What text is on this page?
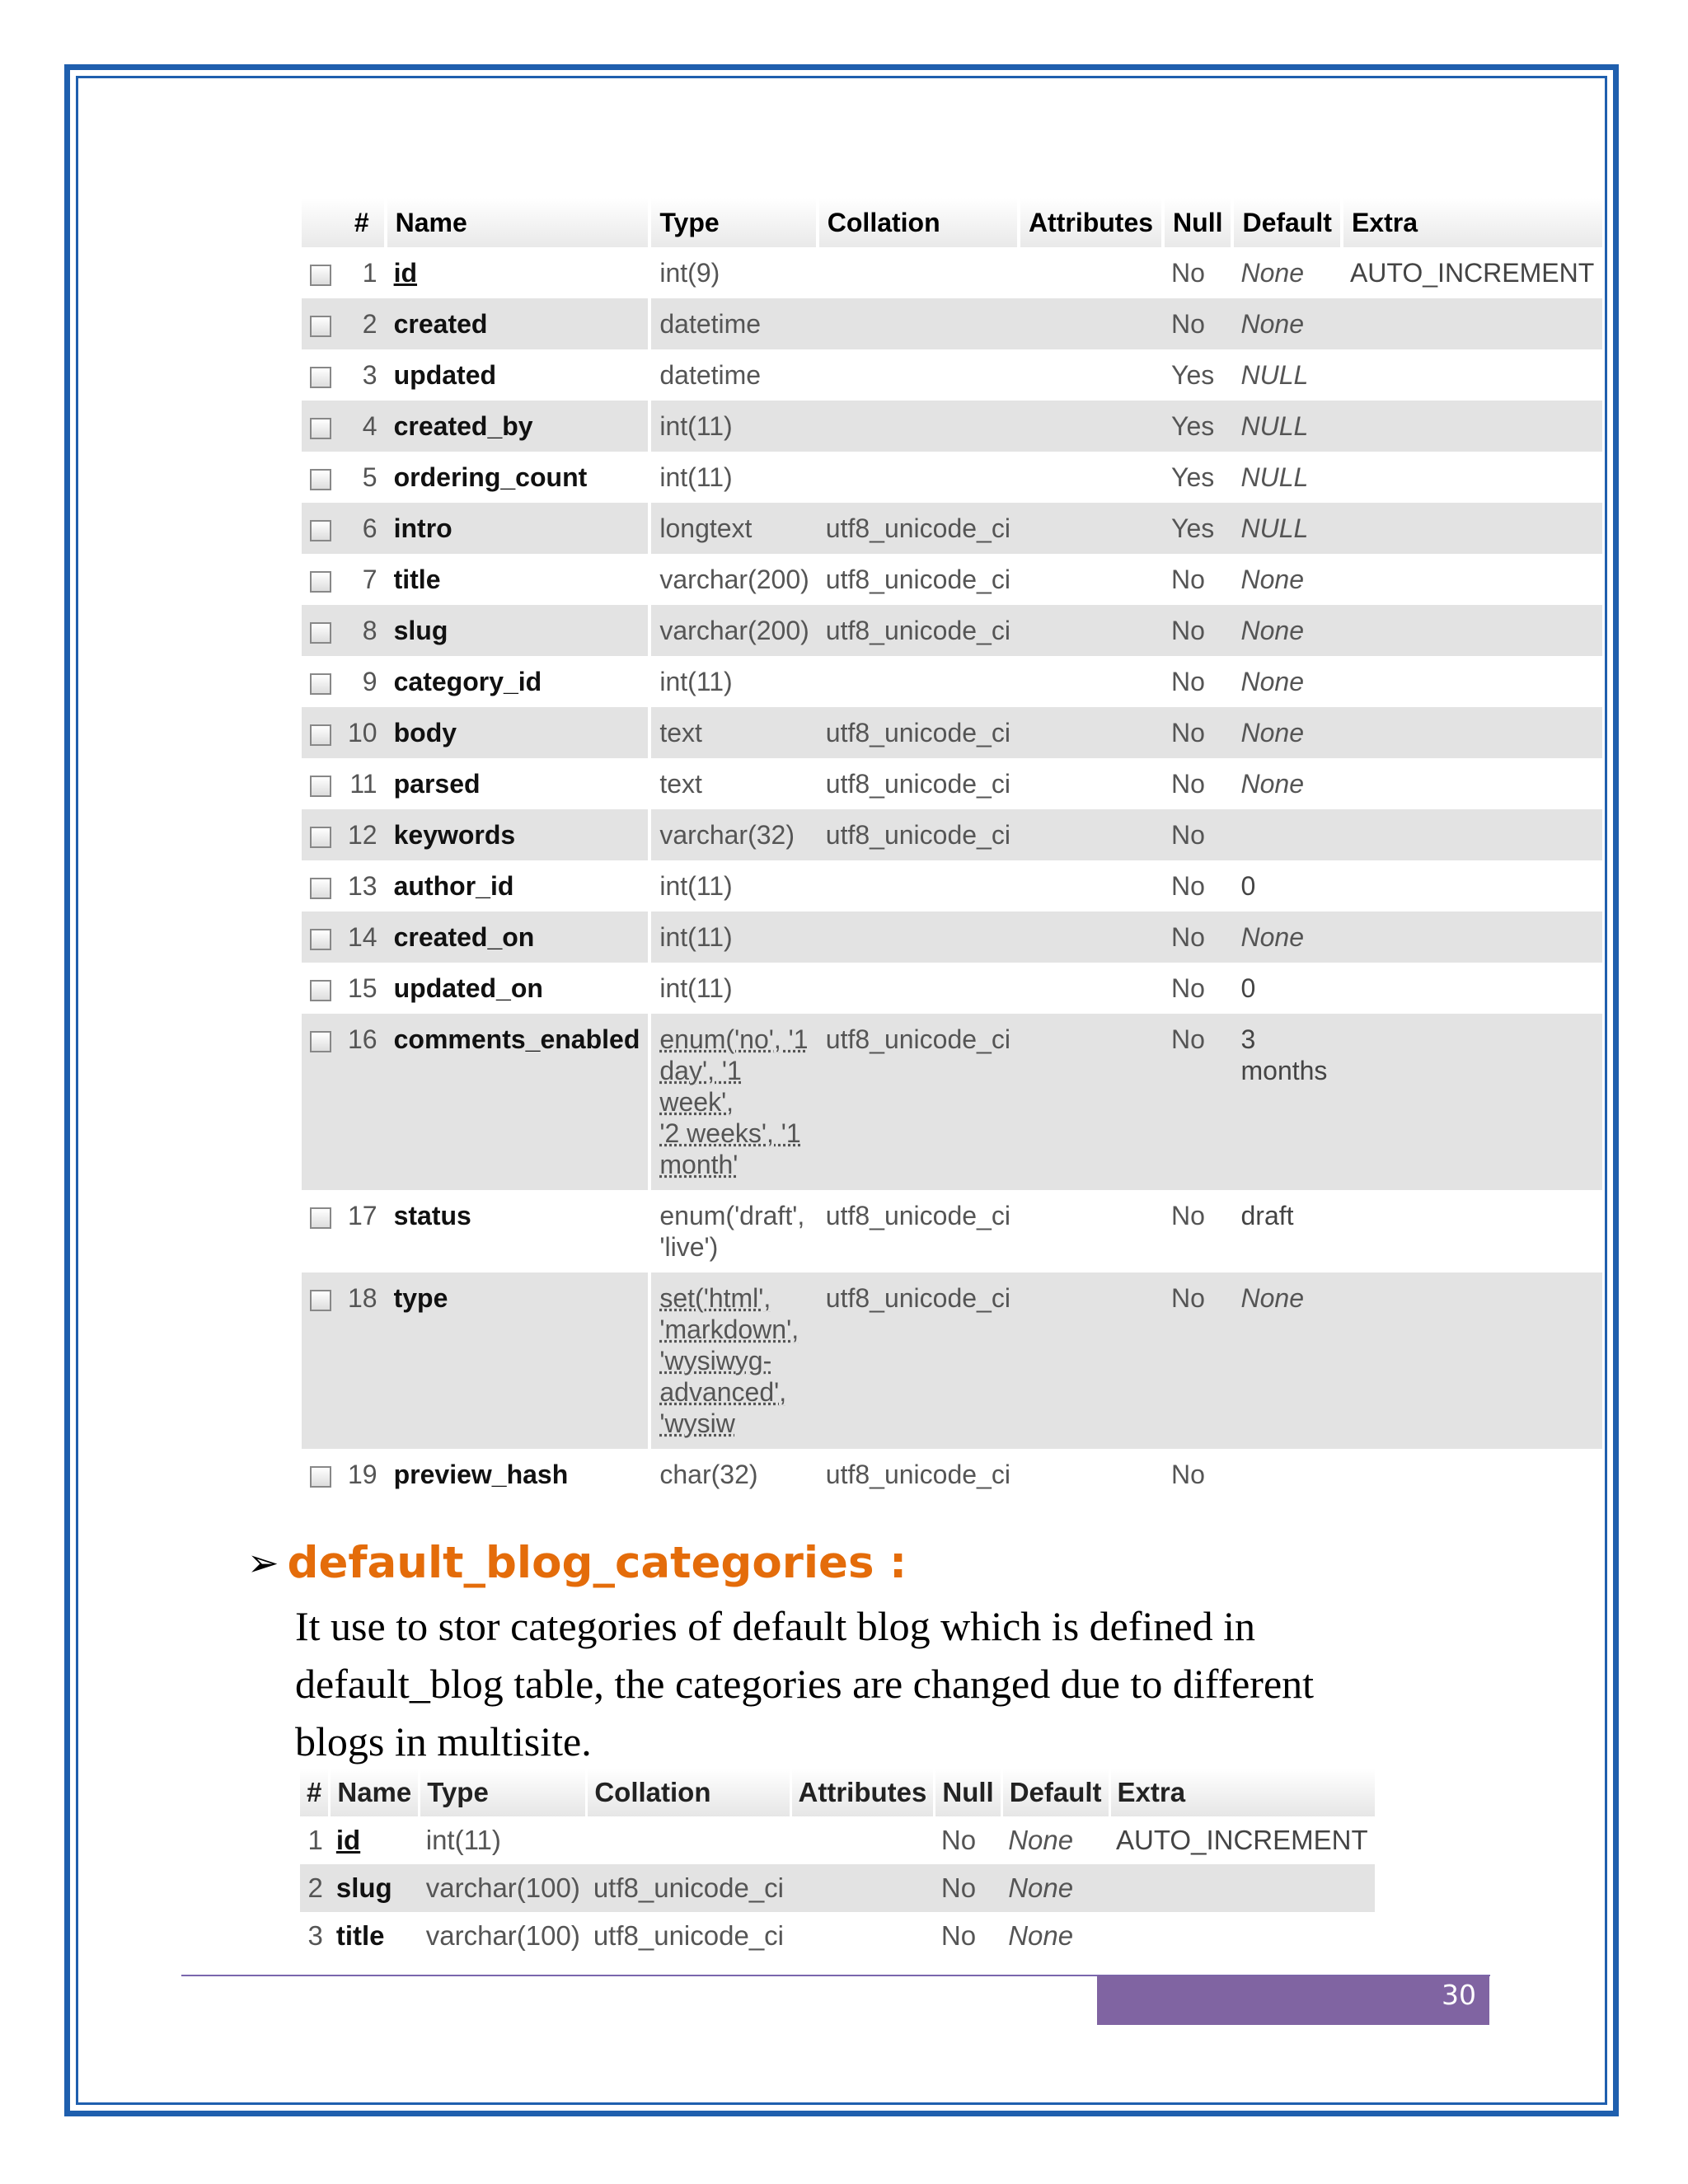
	#	Name	Type	Collation	Attributes	Null	Default	Extra
	1	id	int(9)			No	None	AUTO_INCREMENT
	2	created	datetime			No	None	
	3	updated	datetime			Yes	NULL	
	4	created_by	int(11)			Yes	NULL	
	5	ordering_count	int(11)			Yes	NULL	
	6	intro	longtext	utf8_unicode_ci		Yes	NULL	
	7	title	varchar(200)	utf8_unicode_ci		No	None	
	8	slug	varchar(200)	utf8_unicode_ci		No	None	
	9	category_id	int(11)			No	None	
	10	body	text	utf8_unicode_ci		No	None	
	11	parsed	text	utf8_unicode_ci		No	None	
	12	keywords	varchar(32)	utf8_unicode_ci		No		
	13	author_id	int(11)			No	0	
	14	created_on	int(11)			No	None	
	15	updated_on	int(11)			No	0	
	16	comments_enabled	enum('no', '1
day', '1 week',
'2 weeks', '1
month'	utf8_unicode_ci		No	3 months	
	17	status	enum('draft',
'live')	utf8_unicode_ci		No	draft	
	18	type	set('html',
'markdown',
'wysiwyg-
advanced',
'wysiw	utf8_unicode_ci		No	None	
	19	preview_hash	char(32)	utf8_unicode_ci		No		
➢ default_blog_categories :
It use to stor categories of default blog which is defined in default_blog table, the categories are changed due to different blogs in multisite.
#	Name	Type	Collation	Attributes	Null	Default	Extra
1	id	int(11)			No	None	AUTO_INCREMENT
2	slug	varchar(100)	utf8_unicode_ci		No	None	
3	title	varchar(100)	utf8_unicode_ci		No	None	
30
